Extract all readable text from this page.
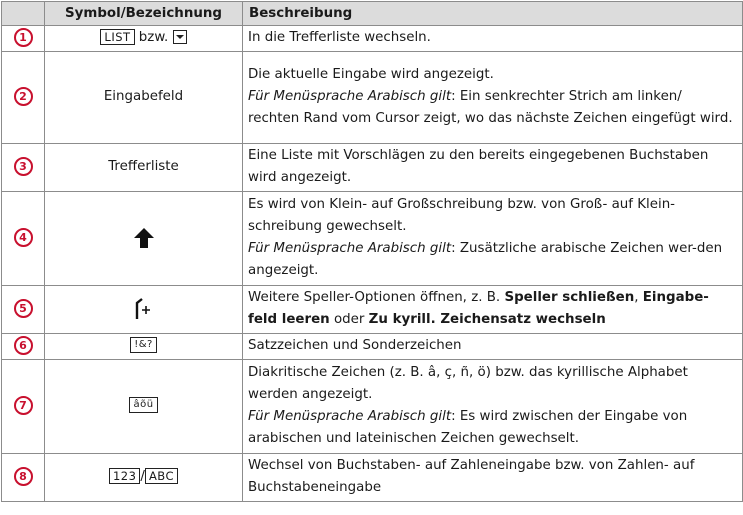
	Symbol/Bezeichnung	Beschreibung
1	LIST bzw.	In die Trefferliste wechseln.
2	Eingabefeld	Die aktuelle Eingabe wird angezeigt.

Für Menüsprache Arabisch gilt: Ein senkrechter Strich am linken/ rechten Rand vom Cursor zeigt, wo das nächste Zeichen eingefügt wird.

3	Trefferliste	Eine Liste mit Vorschlägen zu den bereits eingegebenen Buchstaben wird angezeigt.
4		Es wird von Klein- auf Großschreibung bzw. von Groß- auf Klein-schreibung gewechselt.

Für Menüsprache Arabisch gilt: Zusätzliche arabische Zeichen wer-den angezeigt.

5		Weitere Speller-Optionen öffnen, z. B. Speller schließen, Eingabe-feld leeren oder Zu kyrill. Zeichensatz wechseln
6	!&?	Satzzeichen und Sonderzeichen
7	âõü	Diakritische Zeichen (z. B. â, ç, ñ, ö) bzw. das kyrillische Alphabet werden angezeigt.

Für Menüsprache Arabisch gilt: Es wird zwischen der Eingabe von arabischen und lateinischen Zeichen gewechselt.

8	123 / ABC	Wechsel von Buchstaben- auf Zahleneingabe bzw. von Zahlen- auf Buchstabeneingabe
